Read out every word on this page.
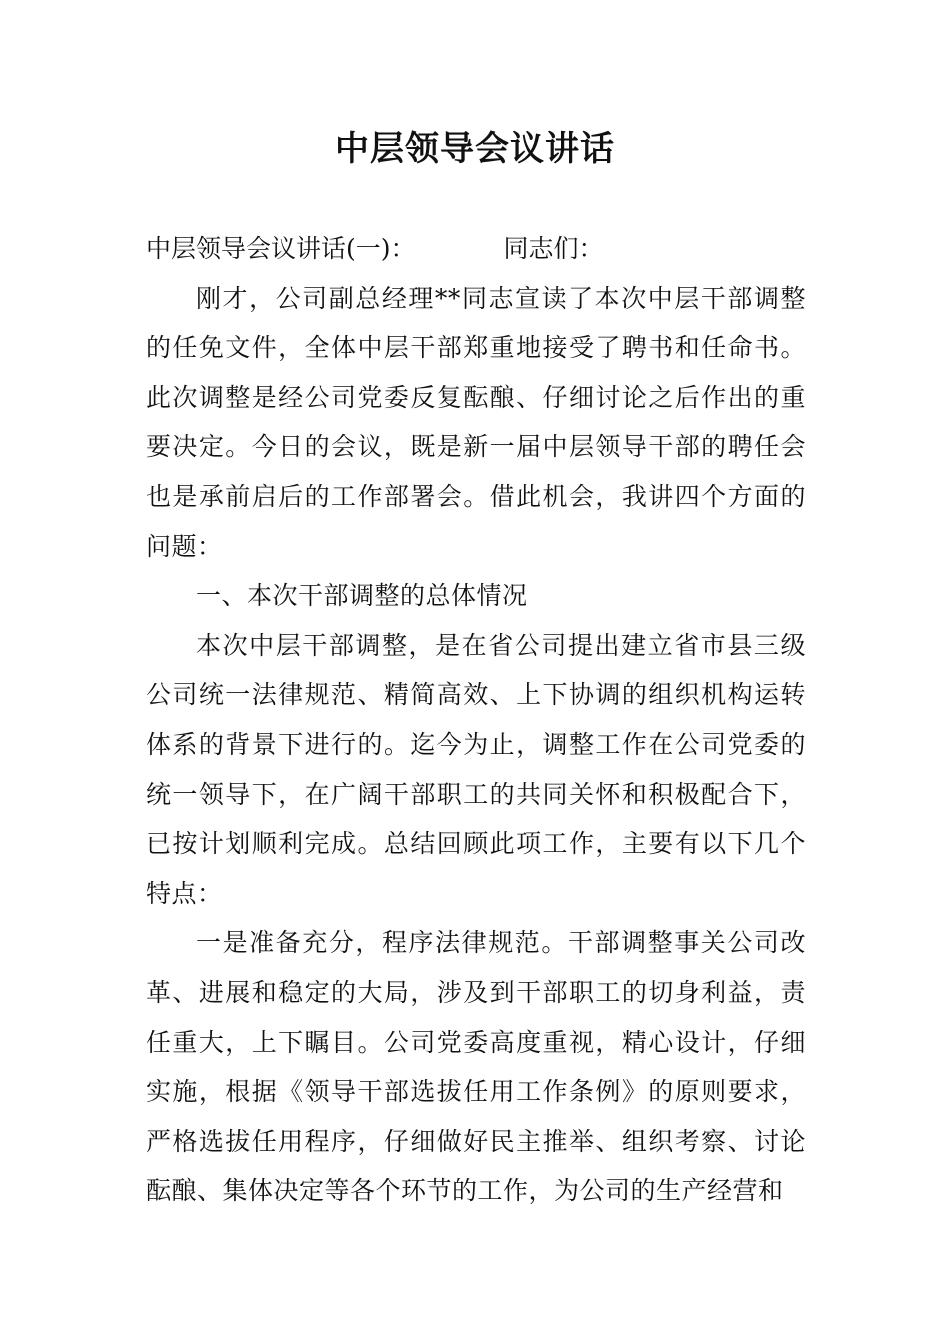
中层领导会议讲话
中层领导会议讲话(一)：	同志们：

刚才，公司副总经理**同志宣读了本次中层干部调整的任免文件，全体中层干部郑重地接受了聘书和任命书。此次调整是经公司党委反复酝酿、仔细讨论之后作出的重要决定。今日的会议，既是新一届中层领导干部的聘任会也是承前启后的工作部署会。借此机会，我讲四个方面的问题：

一、本次干部调整的总体情况

本次中层干部调整，是在省公司提出建立省市县三级公司统一法律规范、精简高效、上下协调的组织机构运转体系的背景下进行的。迄今为止，调整工作在公司党委的统一领导下，在广阔干部职工的共同关怀和积极配合下，已按计划顺利完成。总结回顾此项工作，主要有以下几个特点：

一是准备充分，程序法律规范。干部调整事关公司改革、进展和稳定的大局，涉及到干部职工的切身利益，责任重大，上下瞩目。公司党委高度重视，精心设计，仔细实施，根据《领导干部选拔任用工作条例》的原则要求，严格选拔任用程序，仔细做好民主推举、组织考察、讨论酝酿、集体决定等各个环节的工作，为公司的生产经营和
